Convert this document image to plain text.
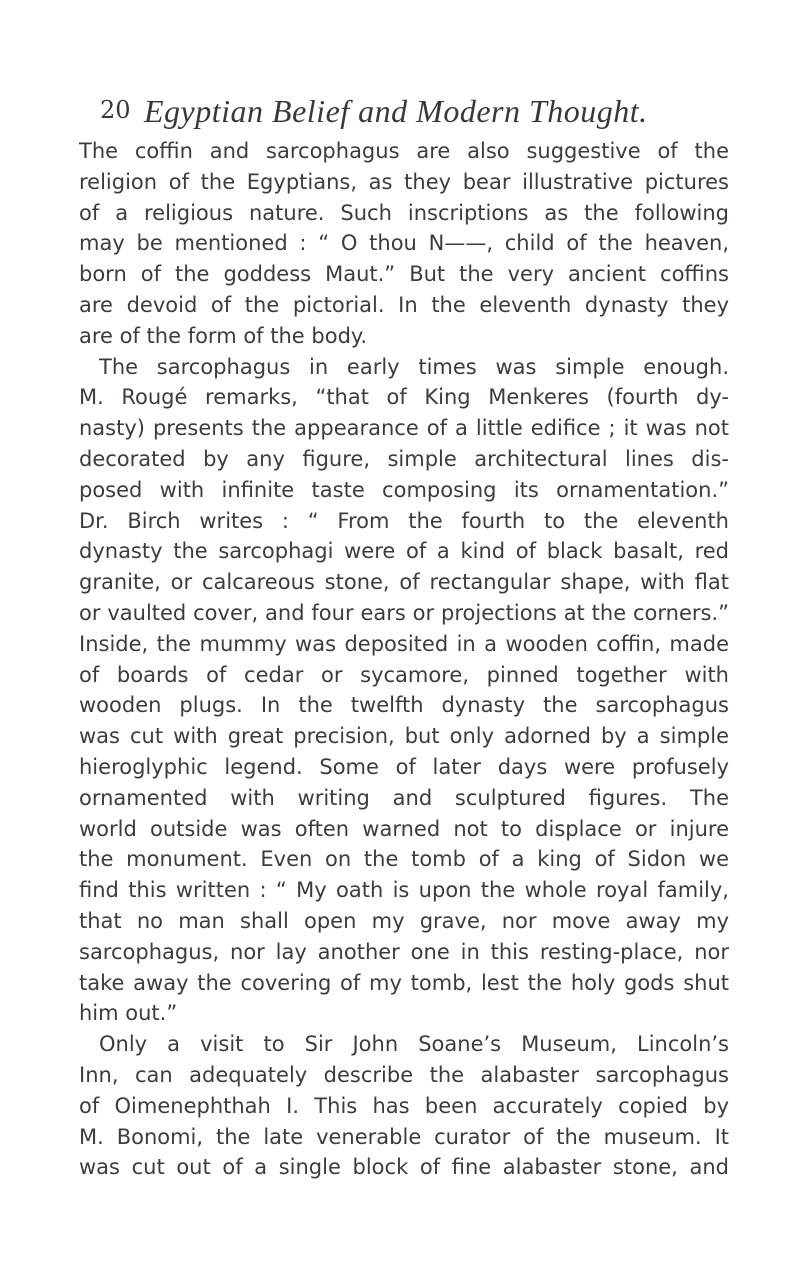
20 Egyptian Belief and Modern Thought.
The coffin and sarcophagus are also suggestive of the
religion of the Egyptians, as they bear illustrative pictures
of a religious nature. Such inscriptions as the following
may be mentioned : “ O thou N——, child of the heaven,
born of the goddess Maut.” But the very ancient coffins
are devoid of the pictorial. In the eleventh dynasty they
are of the form of the body.
The sarcophagus in early times was simple enough.
M. Rougé remarks, “that of King Menkeres (fourth dy-
nasty) presents the appearance of a little edifice ; it was not
decorated by any figure, simple architectural lines dis-
posed with infinite taste composing its ornamentation.”
Dr. Birch writes : “ From the fourth to the eleventh
dynasty the sarcophagi were of a kind of black basalt, red
granite, or calcareous stone, of rectangular shape, with flat
or vaulted cover, and four ears or projections at the corners.”
Inside, the mummy was deposited in a wooden coffin, made
of boards of cedar or sycamore, pinned together with
wooden plugs. In the twelfth dynasty the sarcophagus
was cut with great precision, but only adorned by a simple
hieroglyphic legend. Some of later days were profusely
ornamented with writing and sculptured figures. The
world outside was often warned not to displace or injure
the monument. Even on the tomb of a king of Sidon we
find this written : “ My oath is upon the whole royal family,
that no man shall open my grave, nor move away my
sarcophagus, nor lay another one in this resting-place, nor
take away the covering of my tomb, lest the holy gods shut
him out.”
Only a visit to Sir John Soane’s Museum, Lincoln’s
Inn, can adequately describe the alabaster sarcophagus
of Oimenephthah I. This has been accurately copied by
M. Bonomi, the late venerable curator of the museum. It
was cut out of a single block of fine alabaster stone, and
